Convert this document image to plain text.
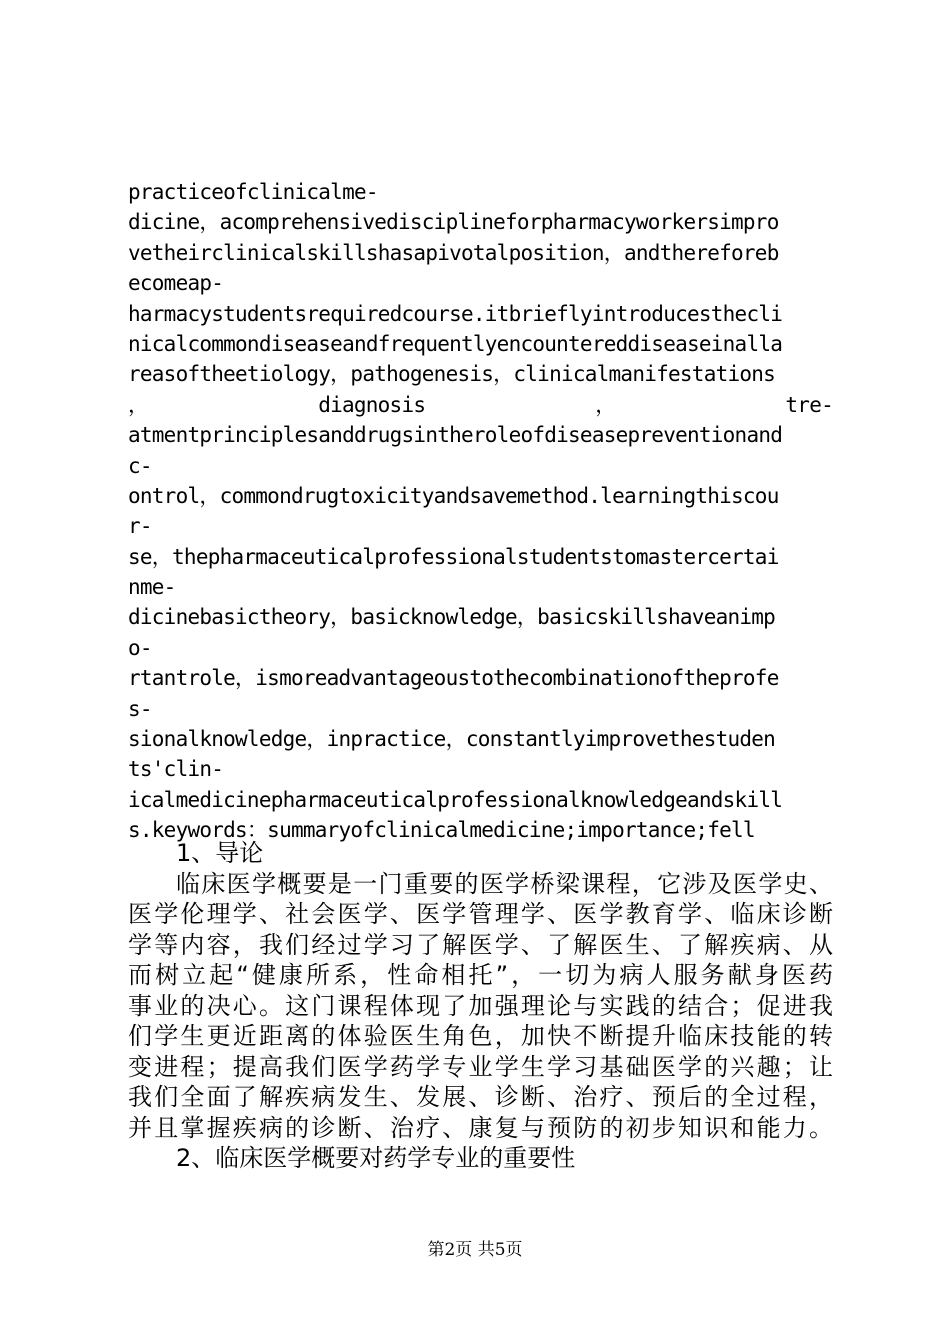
practiceofclinicalme-
dicine，acomprehensivedisciplineforpharmacyworkersimpro
vetheirclinicalskillshasapivotalposition，andthereforeb
ecomeap-
harmacystudentsrequiredcourse.itbrieflyintroducesthecli
nicalcommondiseaseandfrequentlyencountereddiseaseinalla
reasoftheetiology，pathogenesis，clinicalmanifestations
，	diagnosis	，	tre-
atmentprinciplesanddrugsintheroleofdiseasepreventionand
c-
ontrol，commondrugtoxicityandsavemethod.learningthiscou
r-
se，thepharmaceuticalprofessionalstudentstomastercertai
nme-
dicinebasictheory，basicknowledge，basicskillshaveanimp
o-
rtantrole，ismoreadvantageoustothecombinationoftheprofe
s-
sionalknowledge，inpractice，constantlyimprovethestuden
ts'clin-
icalmedicinepharmaceuticalprofessionalknowledgeandskill
s.keywords：summaryofclinicalmedicine;importance;fell
1、导论
临床医学概要是一门重要的医学桥梁课程，它涉及医学史、
医学伦理学、社会医学、医学管理学、医学教育学、临床诊断
学等内容，我们经过学习了解医学、了解医生、了解疾病、从
而树立起“健康所系，性命相托”，一切为病人服务献身医药
事业的决心。这门课程体现了加强理论与实践的结合；促进我
们学生更近距离的体验医生角色，加快不断提升临床技能的转
变进程；提高我们医学药学专业学生学习基础医学的兴趣；让
我们全面了解疾病发生、发展、诊断、治疗、预后的全过程，
并且掌握疾病的诊断、治疗、康复与预防的初步知识和能力。
2、临床医学概要对药学专业的重要性
第2页 共5页
